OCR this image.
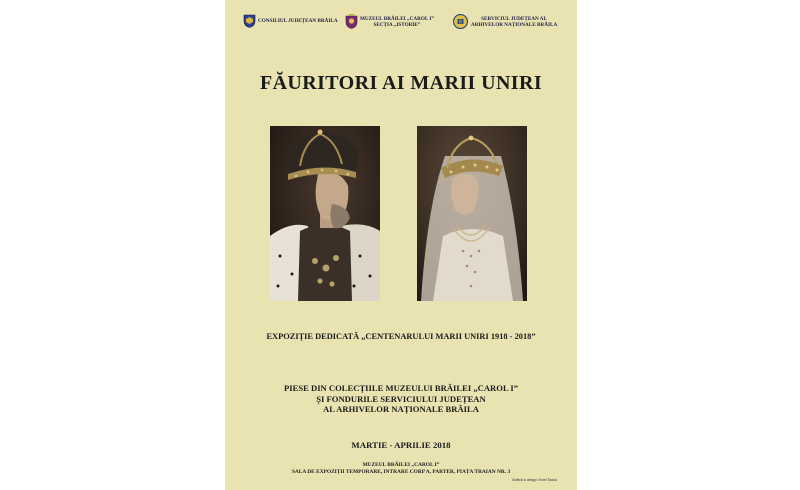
CONSILIUL JUDEȚEAN BRĂILA	MUZEUL BRĂILEI „CAROL I”
SECȚIA „ISTORIE”
SERVICIUL JUDEȚEAN AL
ARHIVELOR NAȚIONALE BRĂILA
FĂURITORI AI MARII UNIRI
EXPOZIȚIE DEDICATĂ „CENTENARULUI MARII UNIRI 1918 - 2018”
PIESE DIN COLECȚIILE MUZEULUI BRĂILEI „CAROL I”
ȘI FONDURILE SERVICIULUI JUDEȚEAN
AL ARHIVELOR NAȚIONALE BRĂILA
MARTIE - APRILIE 2018
MUZEUL BRĂILEI „CAROL I”
SALA DE EXPOZIȚII TEMPORARE, INTRARE CORP A, PARTER, PIAȚA TRAIAN NR. 3
Grafică și design Viorel Stoica
